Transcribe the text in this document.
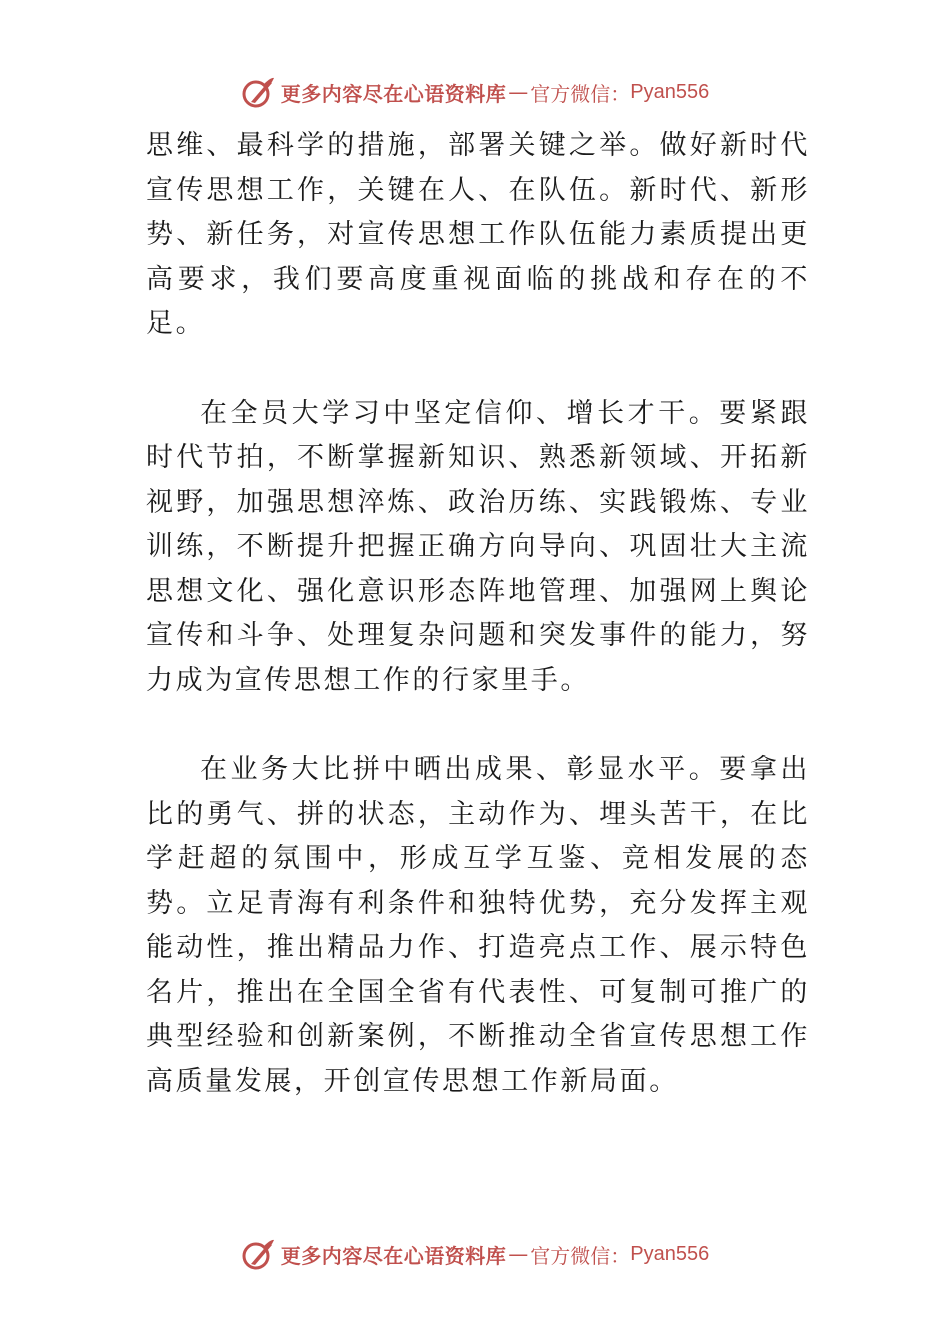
更多内容尽在心语资料库 — 官方微信： Pyan556

思维、最科学的措施，部署关键之举。做好新时代宣传思想工作，关键在人、在队伍。新时代、新形势、新任务，对宣传思想工作队伍能力素质提出更高要求，我们要高度重视面临的挑战和存在的不足。

在全员大学习中坚定信仰、增长才干。要紧跟时代节拍，不断掌握新知识、熟悉新领域、开拓新视野，加强思想淬炼、政治历练、实践锻炼、专业训练，不断提升把握正确方向导向、巩固壮大主流思想文化、强化意识形态阵地管理、加强网上舆论宣传和斗争、处理复杂问题和突发事件的能力，努力成为宣传思想工作的行家里手。

在业务大比拼中晒出成果、彰显水平。要拿出比的勇气、拼的状态，主动作为、埋头苦干，在比学赶超的氛围中，形成互学互鉴、竞相发展的态势。立足青海有利条件和独特优势，充分发挥主观能动性，推出精品力作、打造亮点工作、展示特色名片，推出在全国全省有代表性、可复制可推广的典型经验和创新案例，不断推动全省宣传思想工作高质量发展，开创宣传思想工作新局面。

更多内容尽在心语资料库 — 官方微信： Pyan556
